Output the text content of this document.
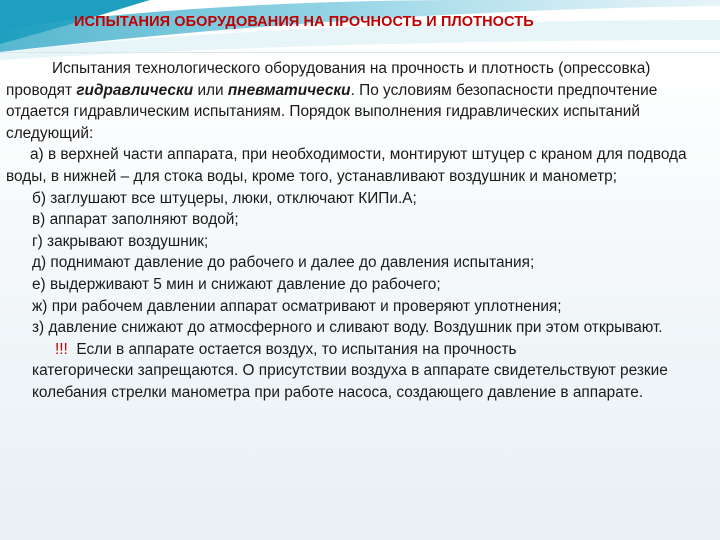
ИСПЫТАНИЯ ОБОРУДОВАНИЯ НА ПРОЧНОСТЬ И ПЛОТНОСТЬ

Испытания технологического оборудования на прочность и плотность (опрессовка) проводят гидравлически или пневматически. По условиям безопасности предпочтение отдается гидравлическим испытаниям. Порядок выполнения гидравлических испытаний следующий:

а) в верхней части аппарата, при необходимости, монтируют штуцер с краном для подвода воды, в нижней – для стока воды, кроме того, устанавливают воздушник и манометр;

б) заглушают все штуцеры, люки, отключают КИПи.А;

в) аппарат заполняют водой;

г) закрывают воздушник;

д) поднимают давление до рабочего и далее до давления испытания;

е) выдерживают 5 мин и снижают давление до рабочего;

ж) при рабочем давлении аппарат осматривают и проверяют уплотнения;

з) давление снижают до атмосферного и сливают воду. Воздушник при этом открывают.

!!!  Если в аппарате остается воздух, то испытания на прочность
категорически запрещаются. О присутствии воздуха в аппарате свидетельствуют резкие колебания стрелки манометра при работе насоса, создающего давление в аппарате.
